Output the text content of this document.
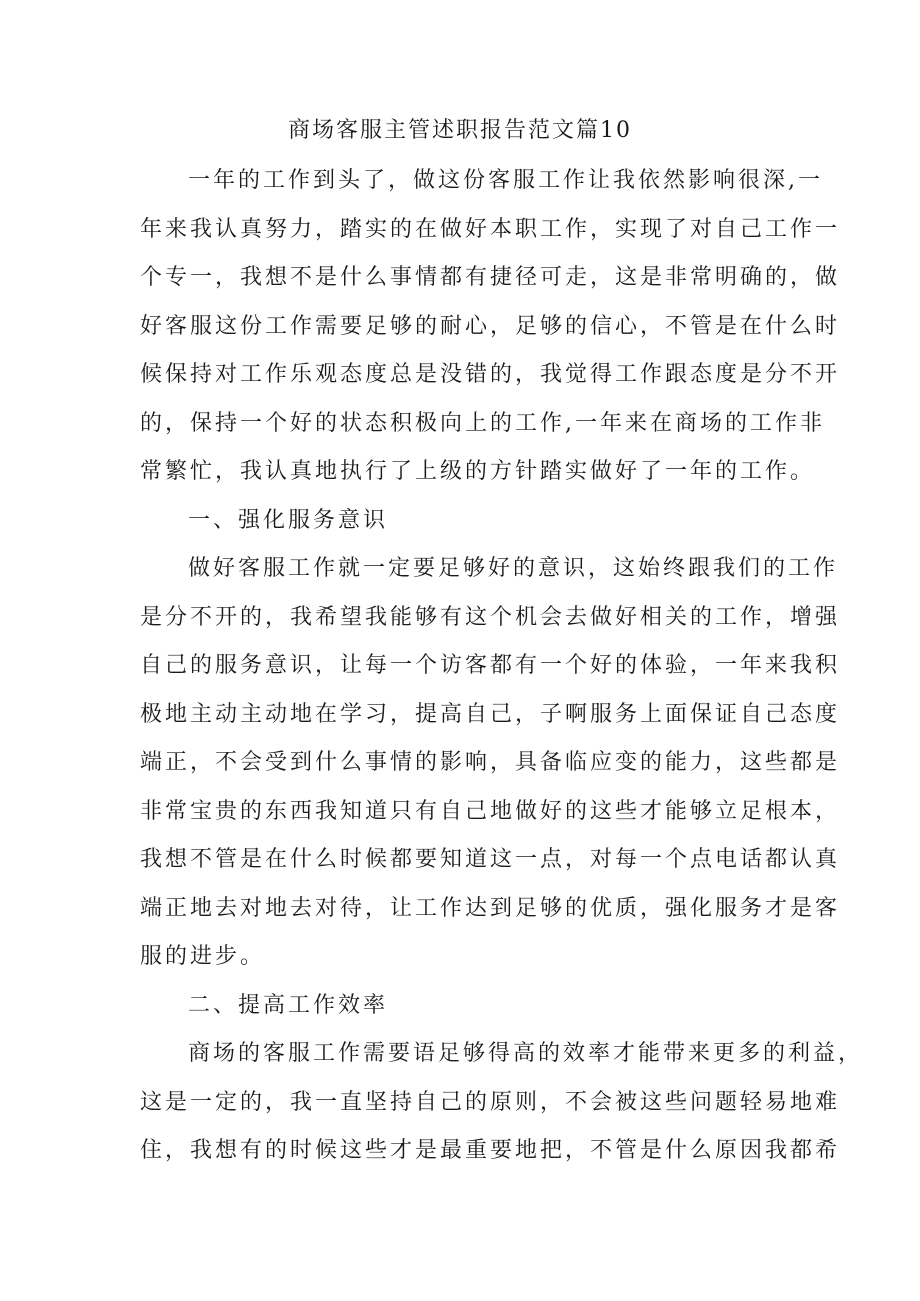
商场客服主管述职报告范文篇10
一年的工作到头了，做这份客服工作让我依然影响很深,一
年来我认真努力，踏实的在做好本职工作，实现了对自己工作一
个专一，我想不是什么事情都有捷径可走，这是非常明确的，做
好客服这份工作需要足够的耐心，足够的信心，不管是在什么时
候保持对工作乐观态度总是没错的，我觉得工作跟态度是分不开
的，保持一个好的状态积极向上的工作,一年来在商场的工作非
常繁忙，我认真地执行了上级的方针踏实做好了一年的工作。
一、强化服务意识
做好客服工作就一定要足够好的意识，这始终跟我们的工作
是分不开的，我希望我能够有这个机会去做好相关的工作，增强
自己的服务意识，让每一个访客都有一个好的体验，一年来我积
极地主动主动地在学习，提高自己，子啊服务上面保证自己态度
端正，不会受到什么事情的影响，具备临应变的能力，这些都是
非常宝贵的东西我知道只有自己地做好的这些才能够立足根本，
我想不管是在什么时候都要知道这一点，对每一个点电话都认真
端正地去对地去对待，让工作达到足够的优质，强化服务才是客
服的进步。
二、提高工作效率
商场的客服工作需要语足够得高的效率才能带来更多的利益，
这是一定的，我一直坚持自己的原则，不会被这些问题轻易地难
住，我想有的时候这些才是最重要地把，不管是什么原因我都希
